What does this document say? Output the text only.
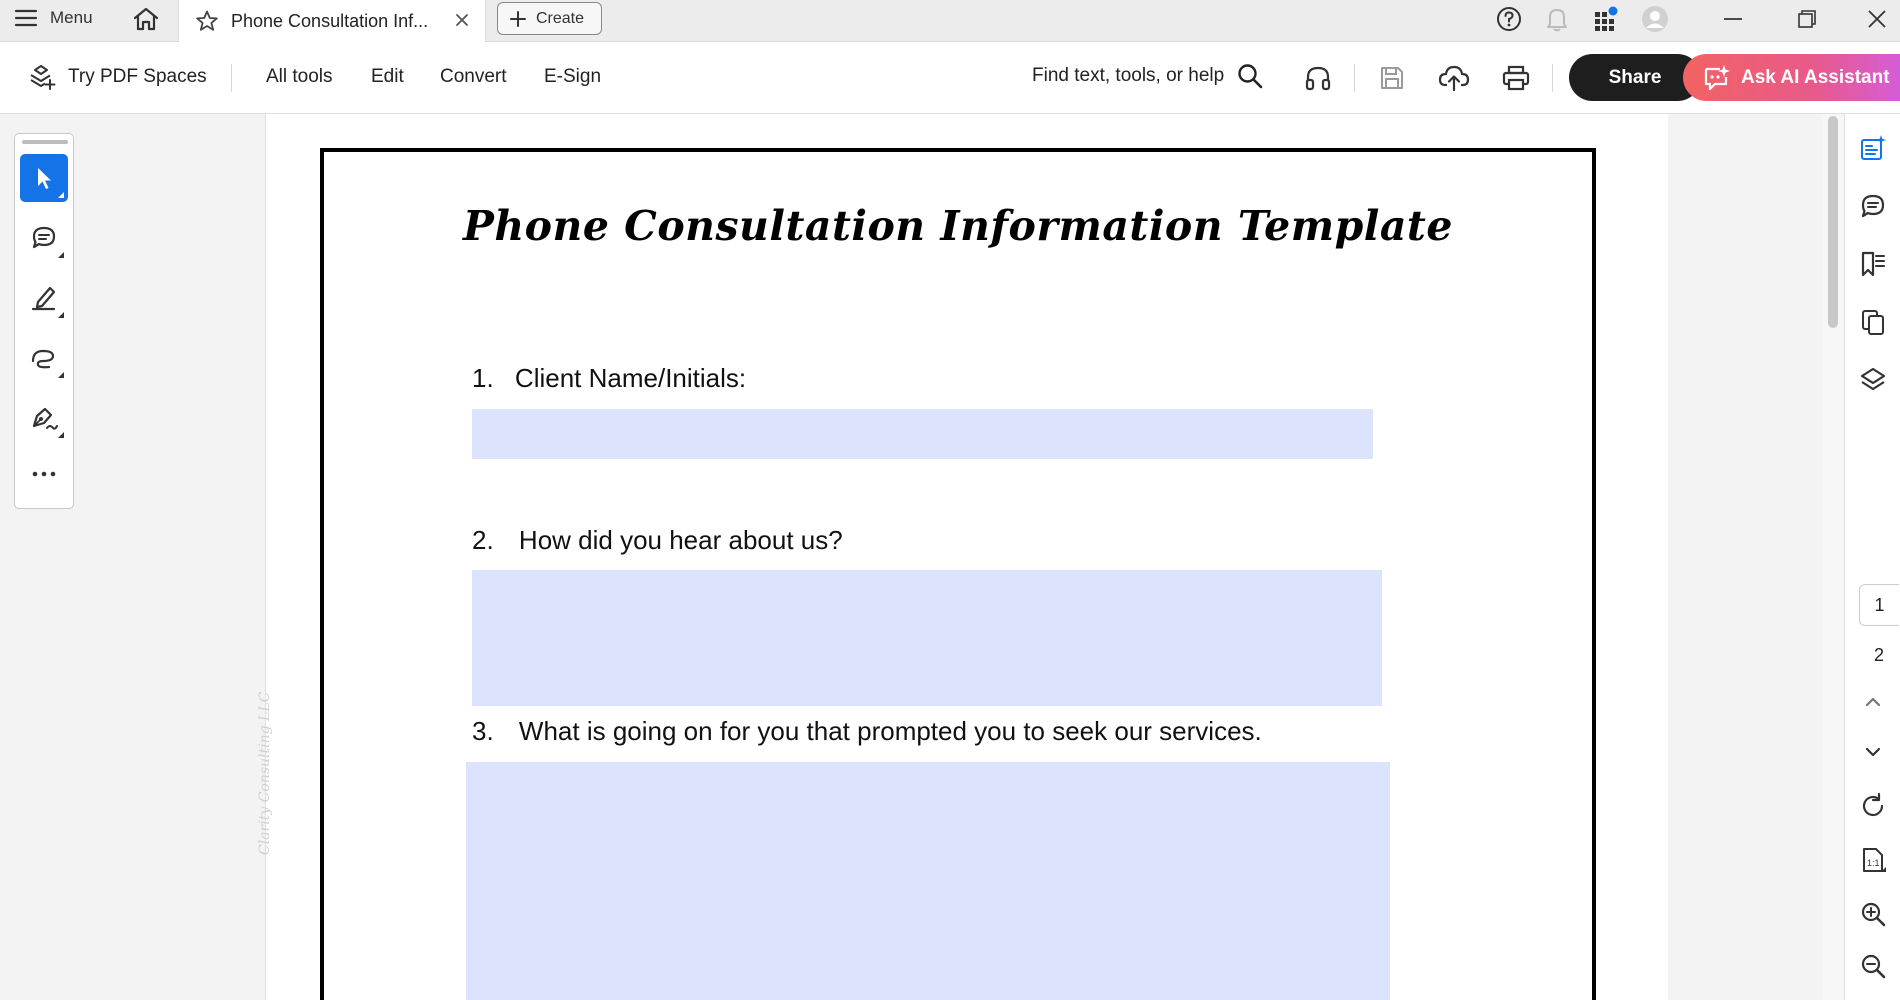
Menu	Phone Consultation Inf...	Create
Try PDF Spaces	All tools Edit Convert E-Sign	Find text, tools, or help	Share	Ask AI Assistant
Phone Consultation Information Template
1. Client Name/Initials:
2. How did you hear about us?
3. What is going on for you that prompted you to seek our services.
Clarity Consulting LLC
1
2
1:1
